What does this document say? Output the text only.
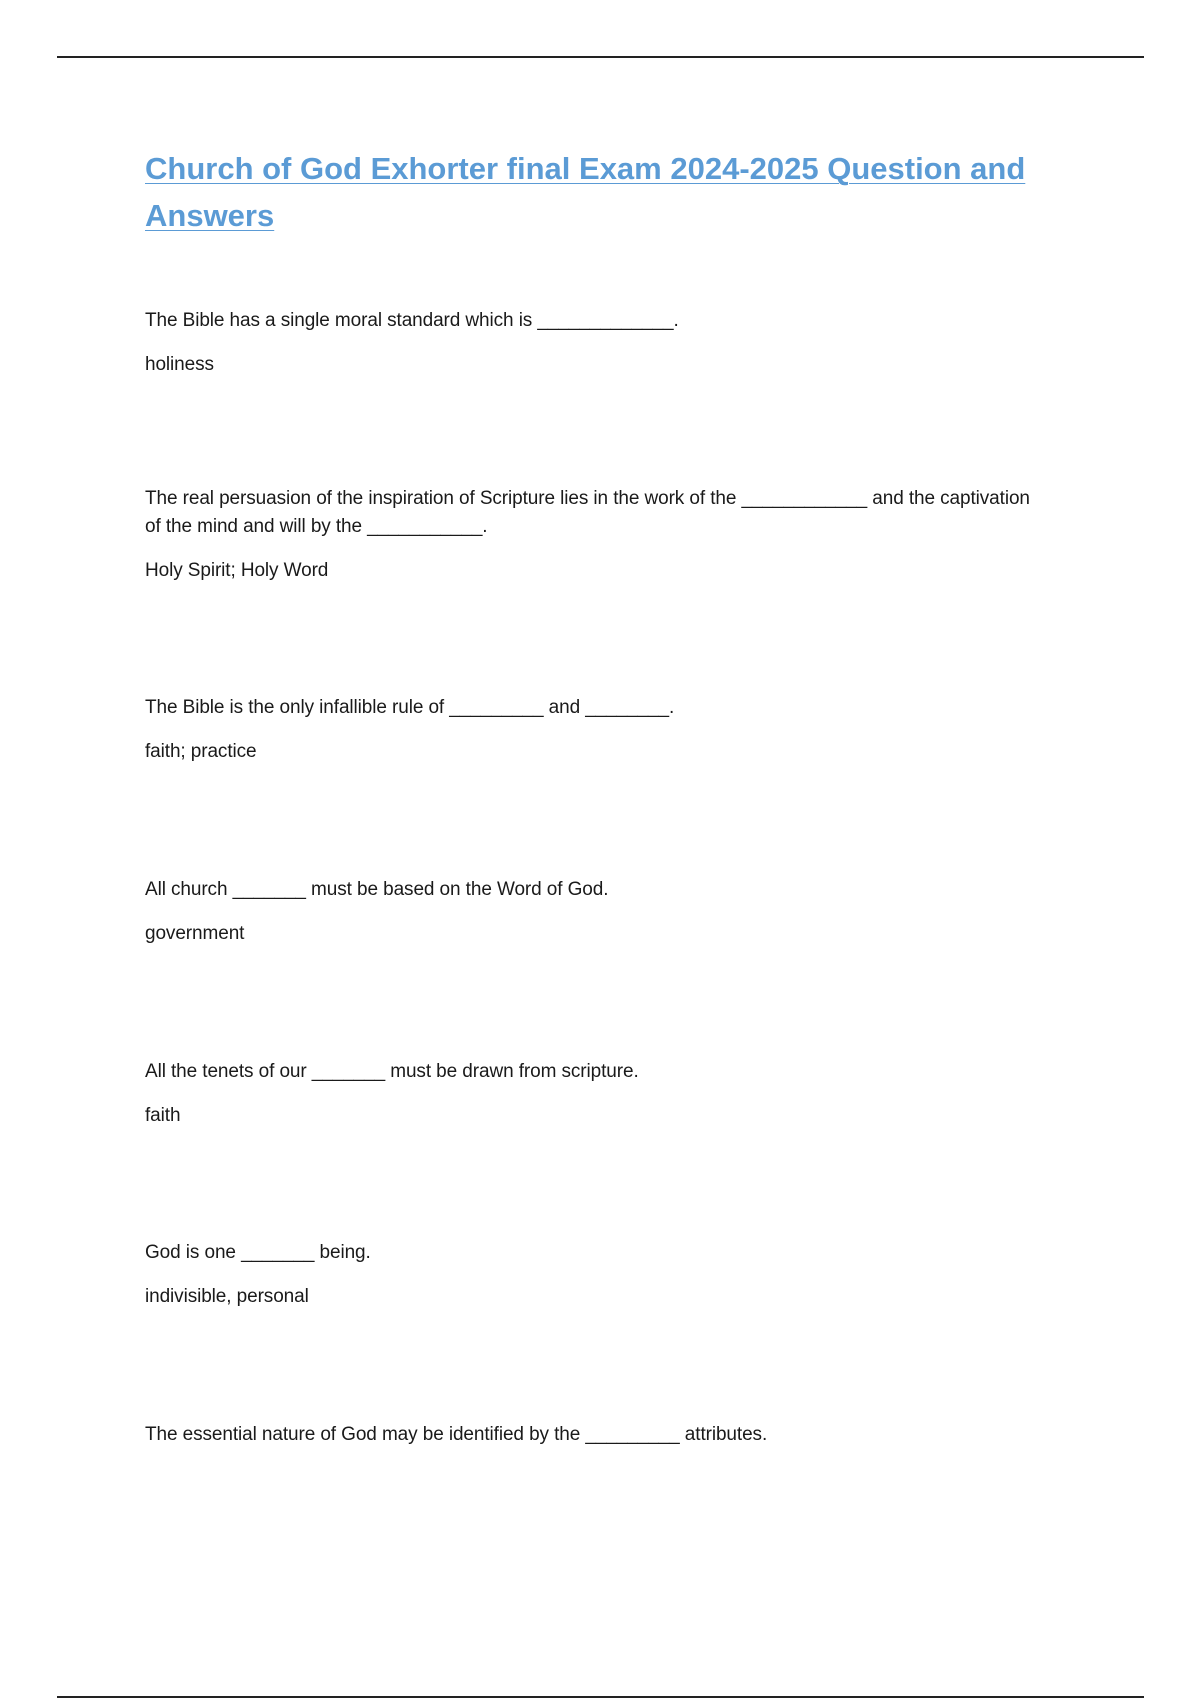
Church of God Exhorter final Exam 2024-2025 Question and Answers

The Bible has a single moral standard which is _____________.

holiness

The real persuasion of the inspiration of Scripture lies in the work of the ____________ and the captivation of the mind and will by the ___________.

Holy Spirit; Holy Word

The Bible is the only infallible rule of _________ and ________.

faith; practice

All church _______ must be based on the Word of God.

government

All the tenets of our _______ must be drawn from scripture.

faith

God is one _______ being.

indivisible, personal

The essential nature of God may be identified by the _________ attributes.
